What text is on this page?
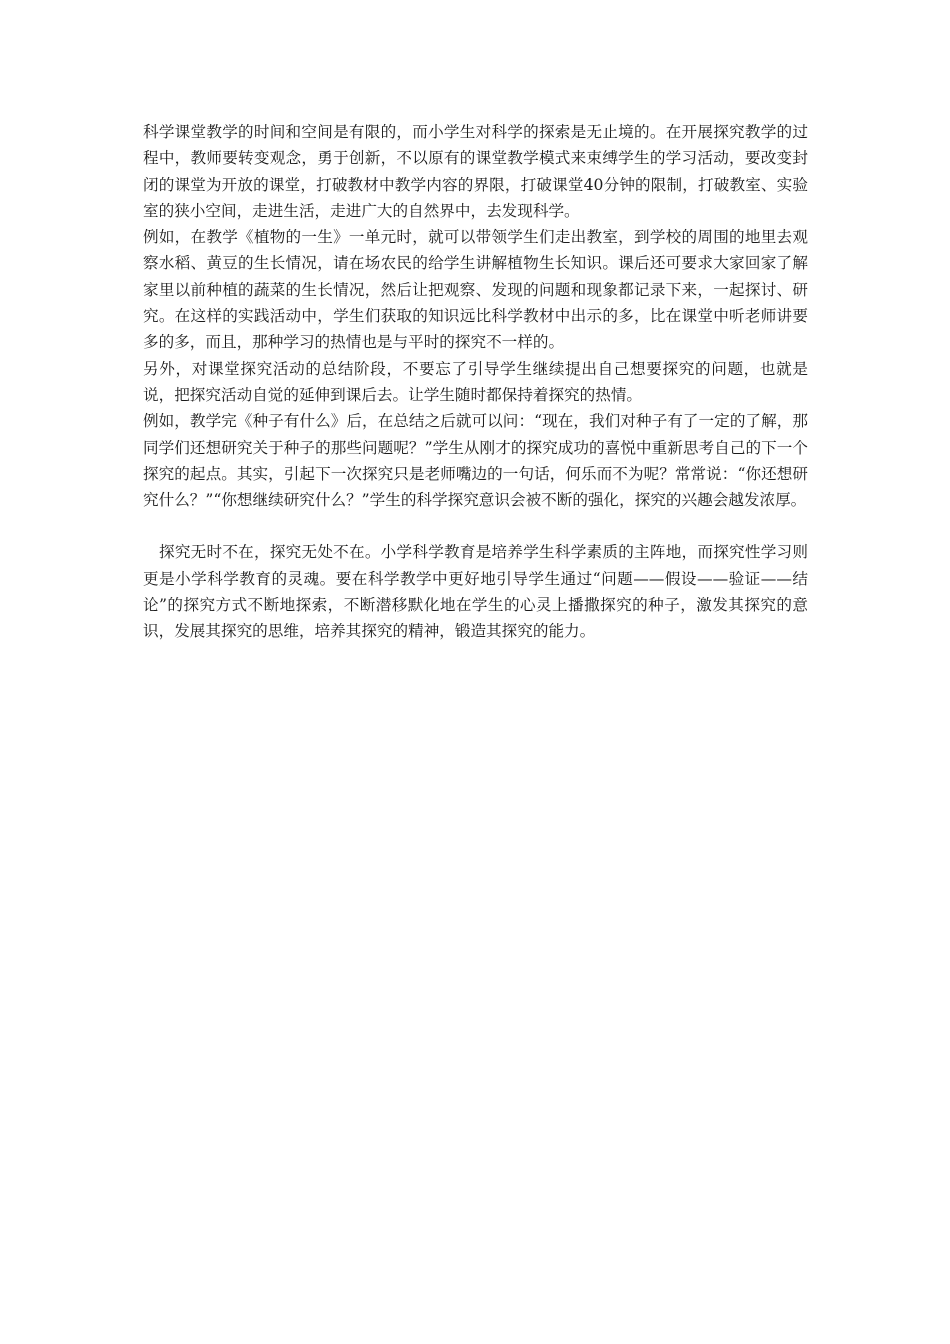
科学课堂教学的时间和空间是有限的，而小学生对科学的探索是无止境的。在开展探究教学的过程中，教师要转变观念，勇于创新，不以原有的课堂教学模式来束缚学生的学习活动，要改变封闭的课堂为开放的课堂，打破教材中教学内容的界限，打破课堂40分钟的限制，打破教室、实验室的狭小空间，走进生活，走进广大的自然界中，去发现科学。

例如，在教学《植物的一生》一单元时，就可以带领学生们走出教室，到学校的周围的地里去观察水稻、黄豆的生长情况，请在场农民的给学生讲解植物生长知识。课后还可要求大家回家了解家里以前种植的蔬菜的生长情况，然后让把观察、发现的问题和现象都记录下来，一起探讨、研究。在这样的实践活动中，学生们获取的知识远比科学教材中出示的多，比在课堂中听老师讲要多的多，而且，那种学习的热情也是与平时的探究不一样的。

另外，对课堂探究活动的总结阶段，不要忘了引导学生继续提出自己想要探究的问题，也就是说，把探究活动自觉的延伸到课后去。让学生随时都保持着探究的热情。

例如，教学完《种子有什么》后，在总结之后就可以问：“现在，我们对种子有了一定的了解，那同学们还想研究关于种子的那些问题呢？”学生从刚才的探究成功的喜悦中重新思考自己的下一个探究的起点。其实，引起下一次探究只是老师嘴边的一句话，何乐而不为呢？常常说：“你还想研究什么？”“你想继续研究什么？”学生的科学探究意识会被不断的强化，探究的兴趣会越发浓厚。

探究无时不在，探究无处不在。小学科学教育是培养学生科学素质的主阵地，而探究性学习则更是小学科学教育的灵魂。要在科学教学中更好地引导学生通过“问题——假设——验证——结论”的探究方式不断地探索，不断潜移默化地在学生的心灵上播撒探究的种子，激发其探究的意识，发展其探究的思维，培养其探究的精神，锻造其探究的能力。
